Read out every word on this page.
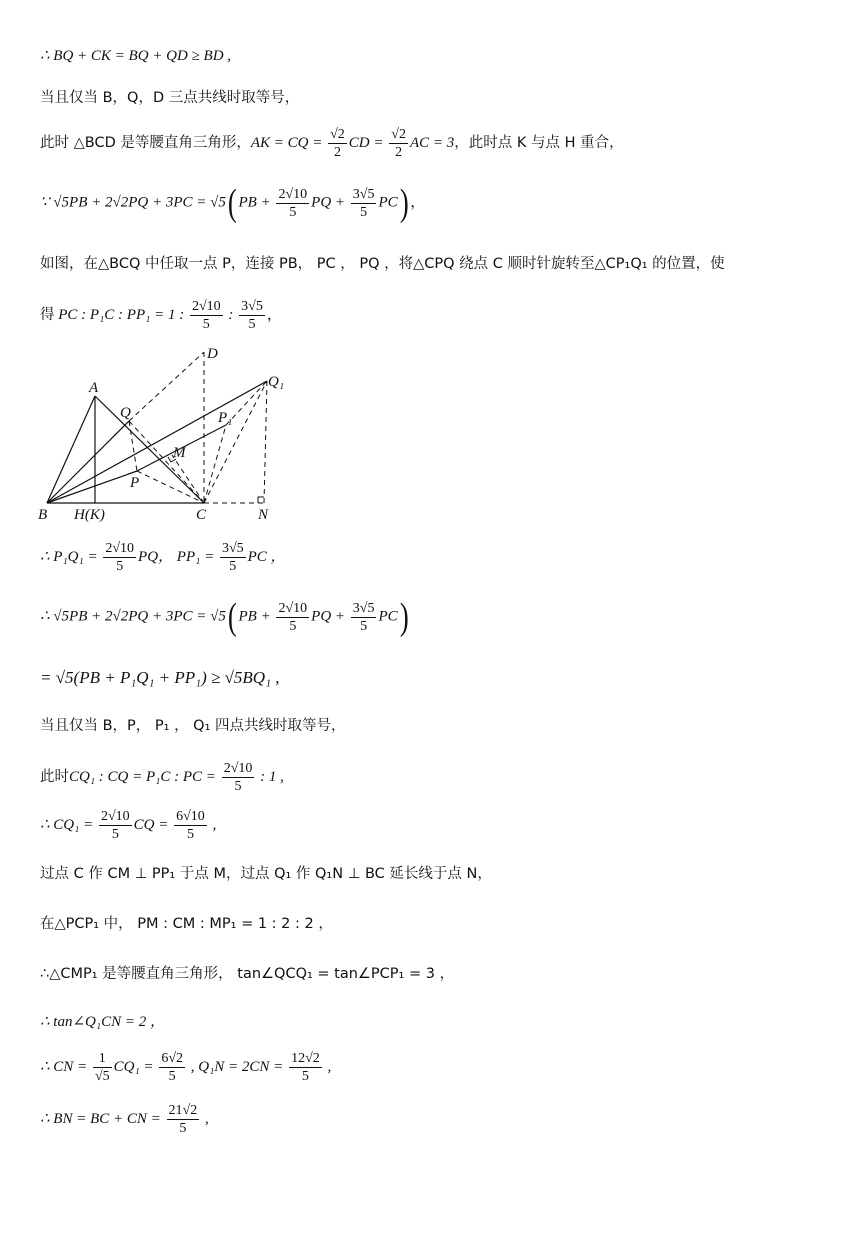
∴ BQ + CK = BQ + QD ≥ BD ,
当且仅当 B，Q，D 三点共线时取等号，
此时 △BCD 是等腰直角三角形，AK = CQ = $\frac{√2}{2}$ CD = $\frac{√2}{2}$ AC = 3，此时点 K 与点 H 重合，
∵ √5PB + 2√2PQ + 3PC = √5( PB + $\frac{2√10}{5}$ PQ + $\frac{3√5}{5} PC$) ，
如图，在△BCQ 中任取一点 P，连接 PB， PC ， PQ ，将△CPQ 绕点 C 顺时针旋转至△CP₁Q₁ 的位置，使
得 PC : P₁C : PP₁ = 1 : $\frac{2√10}{5}$ : $\frac{3√5}{5}$ ，
A
B	C
D
H(K)	N
Q
Q₁
P
P₁
M
∴ $P_1Q_1 = \frac{2√10}{5}$ PQ， $PP_1 = \frac{3√5}{5}$ PC ，
∴ √5PB + 2√2PQ + 3PC = √5( PB + $\frac{2√10}{5}$ PQ + $\frac{3√5}{5} PC$)
= √5(PB + P₁Q₁ + PP₁) ≥ √5BQ₁ ,
当且仅当 B，P， P₁ ， Q₁ 四点共线时取等号，
此时CQ₁ : CQ = P₁C : PC = $\frac{2√10}{5}$ : 1 ,
∴ $CQ_1 = \frac{2√10}{5}$ CQ = $\frac{6√10}{5}$ ,
过点 C 作 CM ⊥ PP₁ 于点 M，过点 Q₁ 作 Q₁N ⊥ BC 延长线于点 N，
在△PCP₁ 中， PM : CM : MP₁ = 1 : 2 : 2 ，
∴△CMP₁ 是等腰直角三角形， tan∠QCQ₁ = tan∠PCP₁ = 3 ，
∴ tan∠Q₁CN = 2 ，
∴ CN = $\frac{1}{√5} CQ_1 = \frac{6√2}{5}$ , $Q_1N = 2CN = \frac{12√2}{5}$ ,
∴ BN = BC + CN = $\frac{21√2}{5}$ ,
